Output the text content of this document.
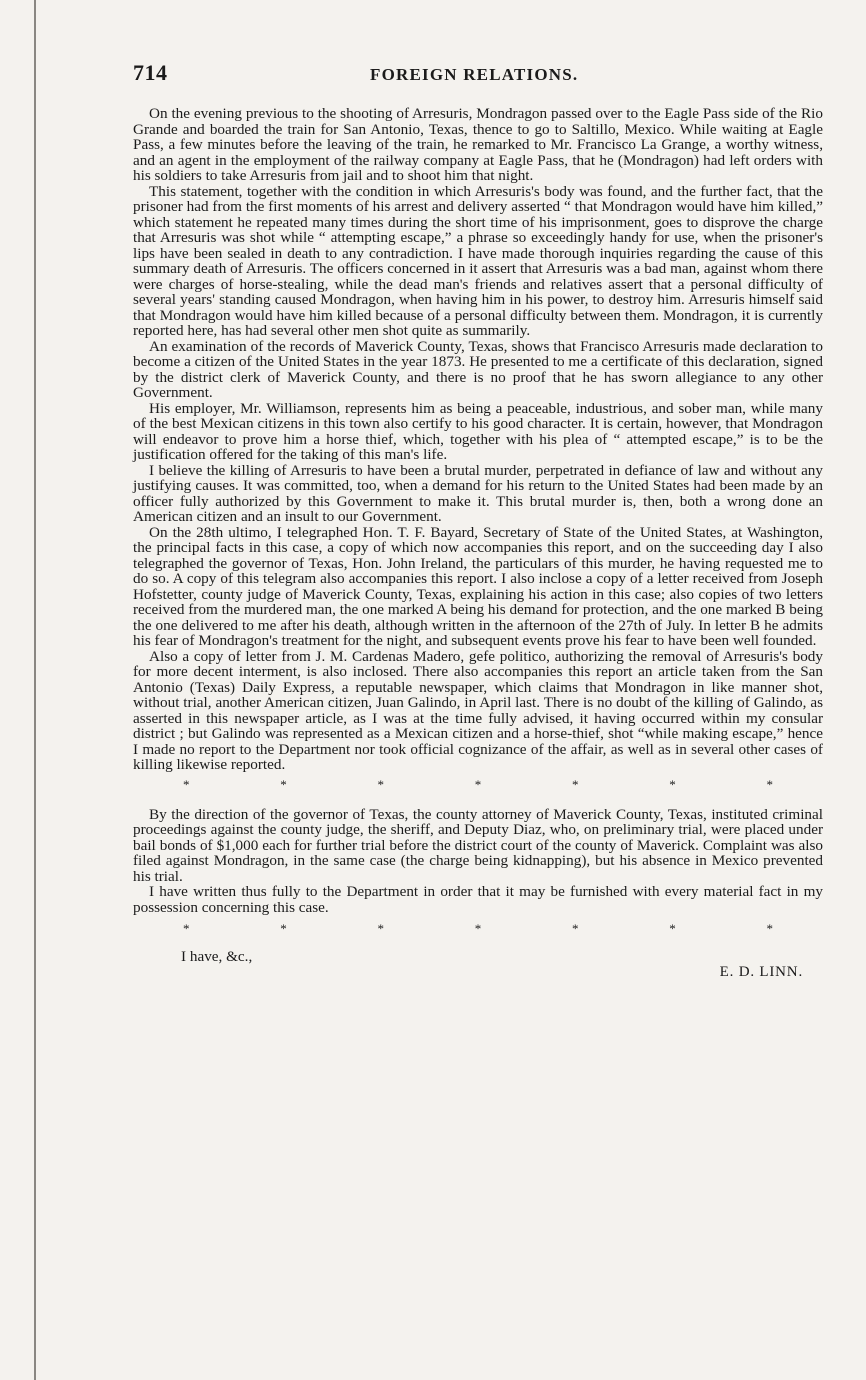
714	FOREIGN RELATIONS.

On the evening previous to the shooting of Arresuris, Mondragon passed over to the Eagle Pass side of the Rio Grande and boarded the train for San Antonio, Texas, thence to go to Saltillo, Mexico. While waiting at Eagle Pass, a few minutes before the leaving of the train, he remarked to Mr. Francisco La Grange, a worthy witness, and an agent in the employment of the railway company at Eagle Pass, that he (Mondragon) had left orders with his soldiers to take Arresuris from jail and to shoot him that night.

This statement, together with the condition in which Arresuris's body was found, and the further fact, that the prisoner had from the first moments of his arrest and delivery asserted “ that Mondragon would have him killed,” which statement he repeated many times during the short time of his imprisonment, goes to disprove the charge that Arresuris was shot while “ attempting escape,” a phrase so exceedingly handy for use, when the prisoner's lips have been sealed in death to any contradiction. I have made thorough inquiries regarding the cause of this summary death of Arresuris. The officers concerned in it assert that Arresuris was a bad man, against whom there were charges of horse-stealing, while the dead man's friends and relatives assert that a personal difficulty of several years' standing caused Mondragon, when having him in his power, to destroy him. Arresuris himself said that Mondragon would have him killed because of a personal difficulty between them. Mondragon, it is currently reported here, has had several other men shot quite as summarily.

An examination of the records of Maverick County, Texas, shows that Francisco Arresuris made declaration to become a citizen of the United States in the year 1873. He presented to me a certificate of this declaration, signed by the district clerk of Maverick County, and there is no proof that he has sworn allegiance to any other Government.

His employer, Mr. Williamson, represents him as being a peaceable, industrious, and sober man, while many of the best Mexican citizens in this town also certify to his good character. It is certain, however, that Mondragon will endeavor to prove him a horse thief, which, together with his plea of “ attempted escape,” is to be the justification offered for the taking of this man's life.

I believe the killing of Arresuris to have been a brutal murder, perpetrated in defiance of law and without any justifying causes. It was committed, too, when a demand for his return to the United States had been made by an officer fully authorized by this Government to make it. This brutal murder is, then, both a wrong done an American citizen and an insult to our Government.

On the 28th ultimo, I telegraphed Hon. T. F. Bayard, Secretary of State of the United States, at Washington, the principal facts in this case, a copy of which now accompanies this report, and on the succeeding day I also telegraphed the governor of Texas, Hon. John Ireland, the particulars of this murder, he having requested me to do so. A copy of this telegram also accompanies this report. I also inclose a copy of a letter received from Joseph Hofstetter, county judge of Maverick County, Texas, explaining his action in this case; also copies of two letters received from the murdered man, the one marked A being his demand for protection, and the one marked B being the one delivered to me after his death, although written in the afternoon of the 27th of July. In letter B he admits his fear of Mondragon's treatment for the night, and subsequent events prove his fear to have been well founded.

Also a copy of letter from J. M. Cardenas Madero, gefe politico, authorizing the removal of Arresuris's body for more decent interment, is also inclosed. There also accompanies this report an article taken from the San Antonio (Texas) Daily Express, a reputable newspaper, which claims that Mondragon in like manner shot, without trial, another American citizen, Juan Galindo, in April last. There is no doubt of the killing of Galindo, as asserted in this newspaper article, as I was at the time fully advised, it having occurred within my consular district ; but Galindo was represented as a Mexican citizen and a horse-thief, shot “while making escape,” hence I made no report to the Department nor took official cognizance of the affair, as well as in several other cases of killing likewise reported.

*	*	*	*	*	*	*

By the direction of the governor of Texas, the county attorney of Maverick County, Texas, instituted criminal proceedings against the county judge, the sheriff, and Deputy Diaz, who, on preliminary trial, were placed under bail bonds of $1,000 each for further trial before the district court of the county of Maverick. Complaint was also filed against Mondragon, in the same case (the charge being kidnapping), but his absence in Mexico prevented his trial.

I have written thus fully to the Department in order that it may be furnished with every material fact in my possession concerning this case.

*	*	*	*	*	*	*
I have, &c.,
E. D. LINN.
